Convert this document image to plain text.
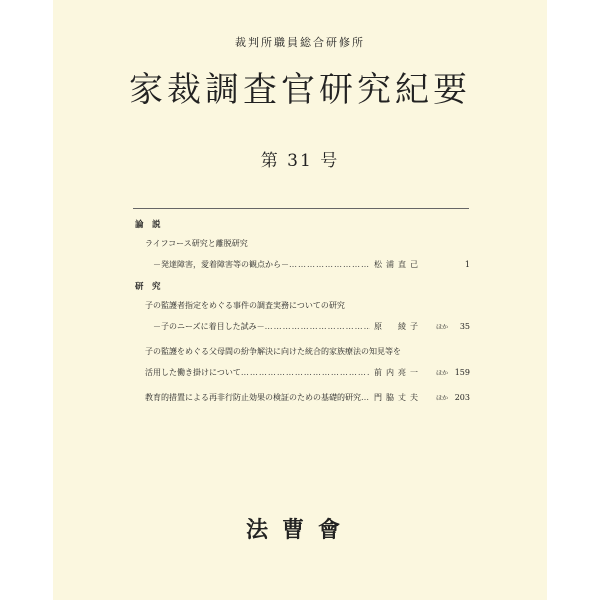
裁判所職員総合研修所
家裁調査官研究紀要
第 31 号
論　説
ライフコース研究と離脱研究
－発達障害，愛着障害等の観点から－ …………………………………………………………………………………………………………………………………………	松浦直己	1
研　究
子の監護者指定をめぐる事件の調査実務についての研究
－子のニーズに着目した試み－ …………………………………………………………………………………………………………………………………………	原　綾子	ほか	35
子の監護をめぐる父母間の紛争解決に向けた統合的家族療法の知見等を
活用した働き掛けについて …………………………………………………………………………………………………………………………………………	前内亮一	ほか 159
教育的措置による再非行防止効果の検証のための基礎的研究 …………………………………………………………………………………………………………………………………………	門脇丈夫	ほか 203
法曹會
